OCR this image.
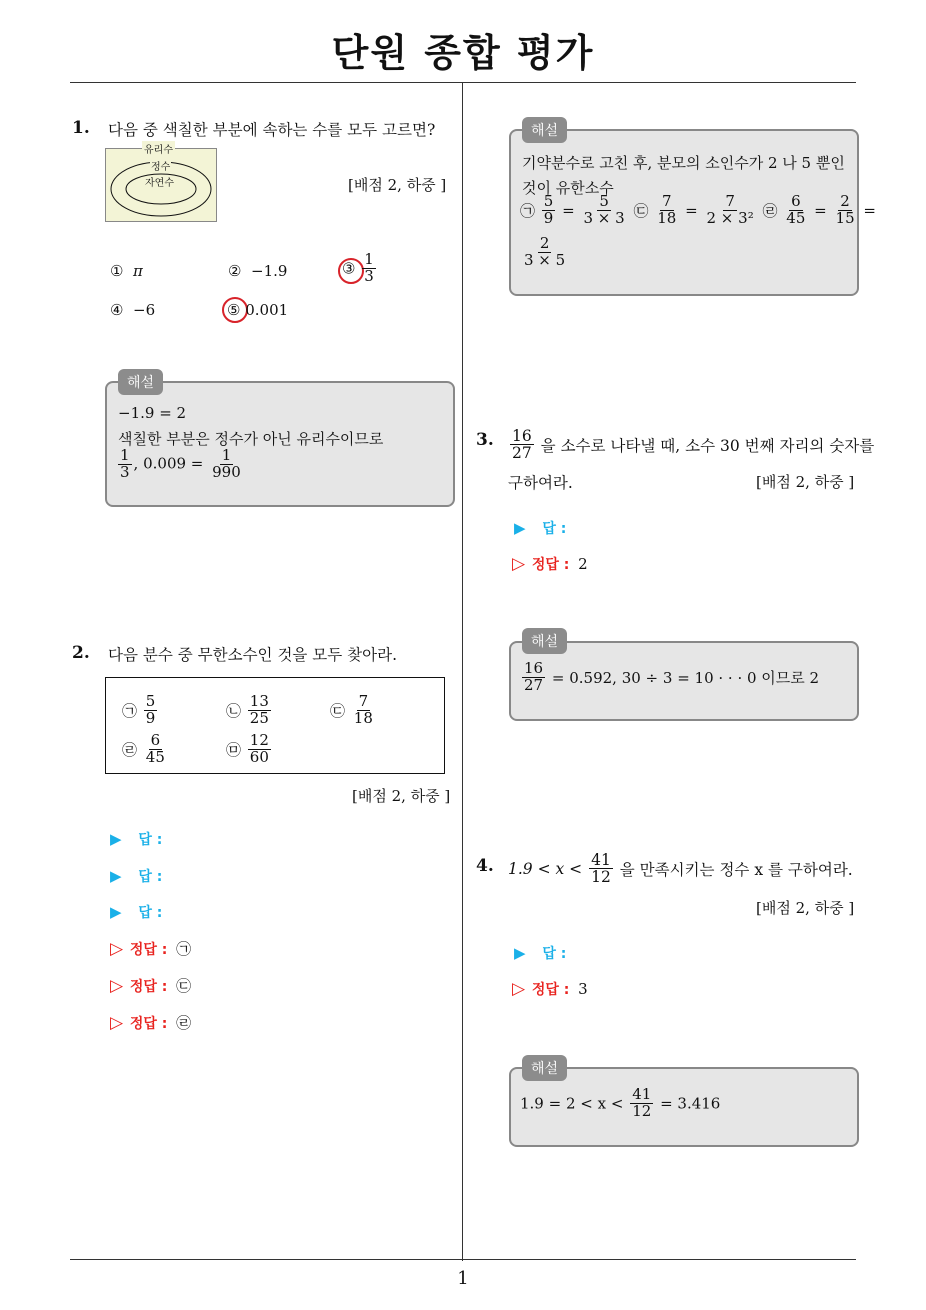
단원 종합 평가
1
1. 다음 중 색칠한 부분에 속하는 수를 모두 고르면?
유리수
정수
자연수	[배점 2, 하중 ]
① π	② −1.9	③ $\frac{1}{3}$
④ −6	⑤ 0.001
해설
−1.9 = 2
색칠한 부분은 정수가 아닌 유리수이므로
$\frac{1}{3}$ , $0.009 = \frac{1}{990}$
2. 다음 분수 중 무한소수인 것을 모두 찾아라.
㉠ $\frac{5}{9}$	㉡ $\frac{13}{25}$	㉢ $\frac{7}{18}$
㉣ $\frac{6}{45}$	㉤ $\frac{12}{60}$
[배점 2, 하중 ]
▶ 답 :
▶ 답 :
▶ 답 :
▷ 정답 : ㉠
▷ 정답 : ㉢
▷ 정답 : ㉣
해설
기약분수로 고친 후, 분모의 소인수가 2 나 5 뿐인
것이 유한소수
㉠ $\frac{5}{9} = \frac{5}{3 \times 3}$ ㉢ $\frac{7}{18} = \frac{7}{\text{2 × 3²}}$ ㉣ $\frac{6}{45} = \frac{2}{15}$ =
$\frac{2}{3 \times 5}$
3. $\frac{16}{27}$ 을 소수로 나타낼 때, 소수 30 번째 자리의 숫자를
구하여라.	[배점 2, 하중 ]
▶ 답 :
▷ 정답 : 2
해설
$\frac{16}{27} = 0.592$, 30 ÷ 3 = 10 · · · 0 이므로 2
4. $1.9 < x < \frac{41}{12}$ 을 만족시키는 정수 x 를 구하여라.
[배점 2, 하중 ]
▶ 답 :
▷ 정답 : 3
해설
$1.9 = 2 < x < \frac{41}{12} = 3.416$
